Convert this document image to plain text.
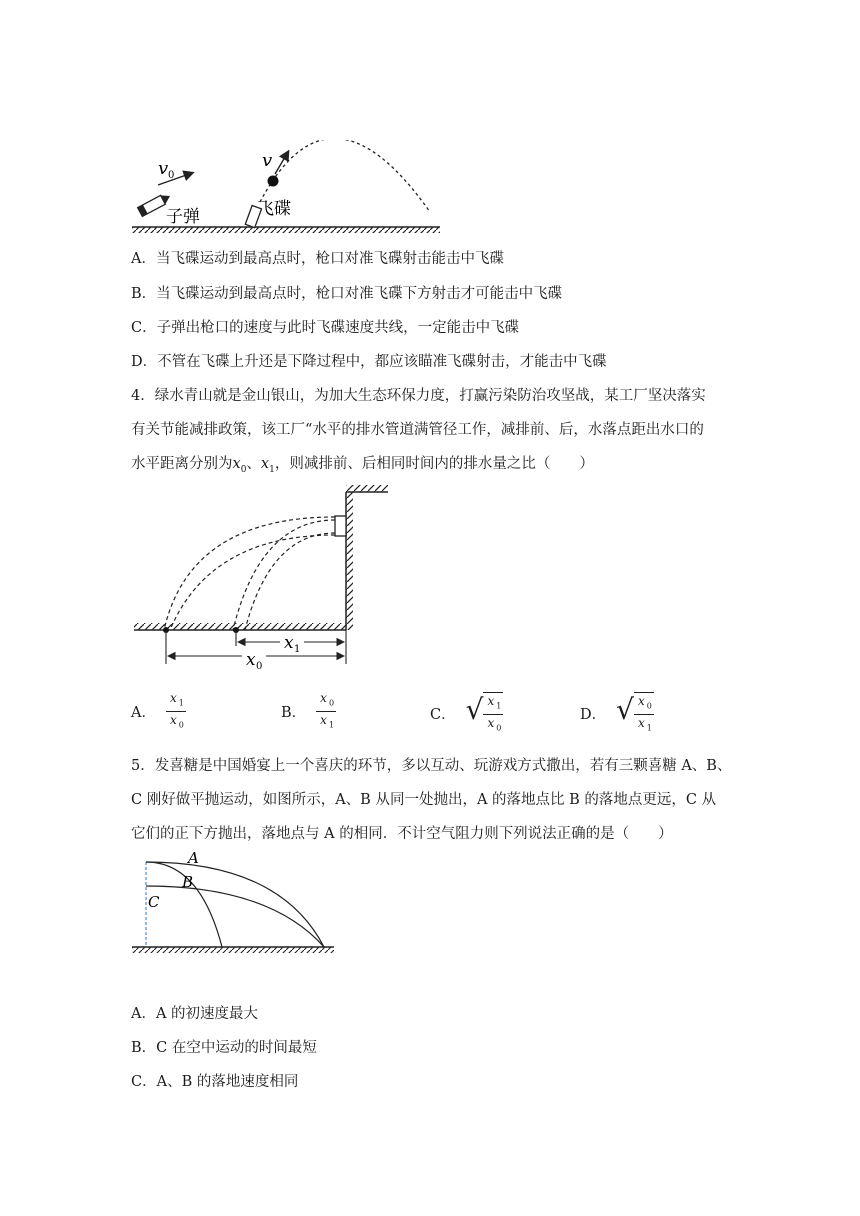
v 0
子弹	飞碟
v
A．当飞碟运动到最高点时，枪口对准飞碟射击能击中飞碟
B．当飞碟运动到最高点时，枪口对准飞碟下方射击才可能击中飞碟
C．子弹出枪口的速度与此时飞碟速度共线，一定能击中飞碟
D．不管在飞碟上升还是下降过程中，都应该瞄准飞碟射击，才能击中飞碟
4．绿水青山就是金山银山，为加大生态环保力度，打赢污染防治攻坚战，某工厂坚决落实
有关节能减排政策，该工厂“水平的排水管道满管径工作，减排前、后，水落点距出水口的
水平距离分别为$x_0$、$x_1$，则减排前、后相同时间内的排水量之比（　　）
x 1
x 0
A． $\frac{x _1}{x _0}$	B． $\frac{x _0}{x _1}$	C． √ $\frac{x _1}{x _0}$	D． √ $\frac{x _0}{x _1}$
5．发喜糖是中国婚宴上一个喜庆的环节，多以互动、玩游戏方式撒出，若有三颗喜糖 A、B、
C 刚好做平抛运动，如图所示，A、B 从同一处抛出，A 的落地点比 B 的落地点更远，C 从
它们的正下方抛出，落地点与 A 的相同．不计空气阻力则下列说法正确的是（　　）
A
B
C
A．A 的初速度最大
B．C 在空中运动的时间最短
C．A、B 的落地速度相同
